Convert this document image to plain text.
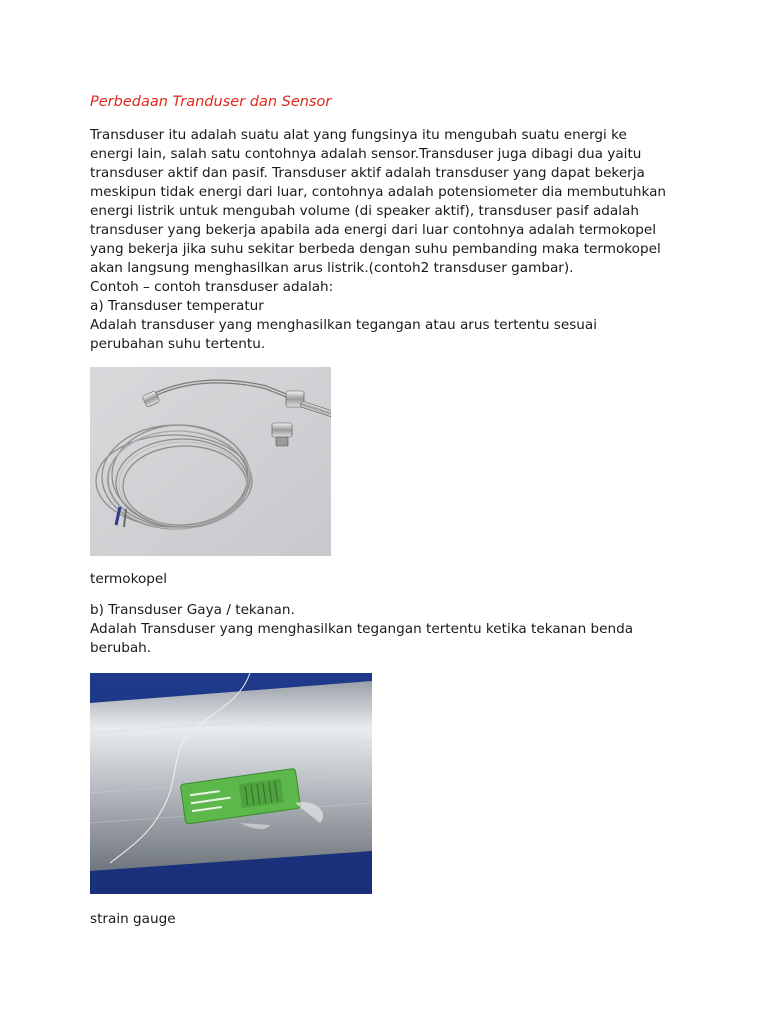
Perbedaan Tranduser dan Sensor

Transduser itu adalah suatu alat yang fungsinya itu mengubah suatu energi ke

energi lain, salah satu contohnya adalah sensor.Transduser juga dibagi dua yaitu

transduser aktif dan pasif. Transduser aktif adalah transduser yang dapat bekerja

meskipun tidak energi dari luar, contohnya adalah potensiometer dia membutuhkan

energi listrik untuk mengubah volume (di speaker aktif), transduser pasif adalah

transduser yang bekerja apabila ada energi dari luar contohnya adalah termokopel

yang bekerja jika suhu sekitar berbeda dengan suhu pembanding maka termokopel

akan langsung menghasilkan arus listrik.(contoh2 transduser gambar).

Contoh – contoh transduser adalah:

a) Transduser temperatur

Adalah transduser yang menghasilkan tegangan atau arus tertentu sesuai

perubahan suhu tertentu.

termokopel

b) Transduser Gaya / tekanan.

Adalah Transduser yang menghasilkan tegangan tertentu ketika tekanan benda

berubah.

strain gauge
